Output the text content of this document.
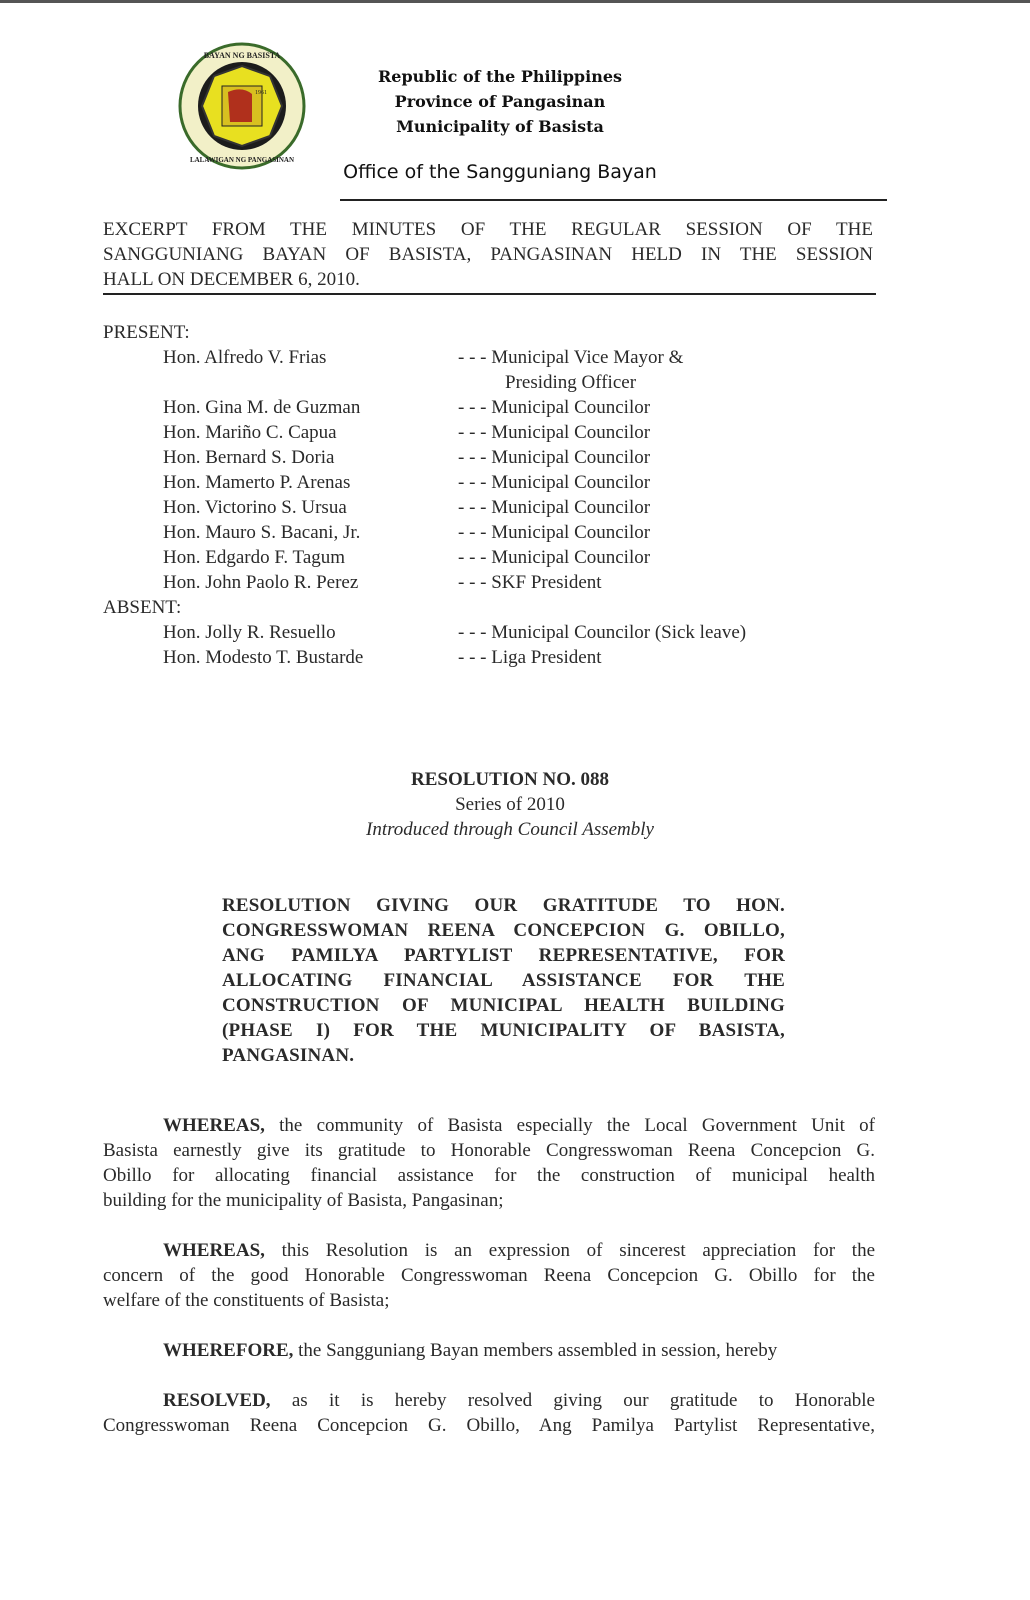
1961
BAYAN NG BASISTA
LALAWIGAN NG PANGASINAN
Republic of the Philippines
Province of Pangasinan
Municipality of Basista
Office of the Sangguniang Bayan
EXCERPT FROM THE MINUTES OF THE REGULAR SESSION OF THE
SANGGUNIANG BAYAN OF BASISTA, PANGASINAN HELD IN THE SESSION
HALL ON DECEMBER 6, 2010.
PRESENT:
Hon. Alfredo V. Frias	- - - Municipal Vice Mayor &
Presiding Officer
Hon. Gina M. de Guzman	- - - Municipal Councilor
Hon. Mariño C. Capua	- - - Municipal Councilor
Hon. Bernard S. Doria	- - - Municipal Councilor
Hon. Mamerto P. Arenas	- - - Municipal Councilor
Hon. Victorino S. Ursua	- - - Municipal Councilor
Hon. Mauro S. Bacani, Jr.	- - - Municipal Councilor
Hon. Edgardo F. Tagum	- - - Municipal Councilor
Hon. John Paolo R. Perez	- - - SKF President
ABSENT:
Hon. Jolly R. Resuello	- - - Municipal Councilor (Sick leave)
Hon. Modesto T. Bustarde	- - - Liga President
RESOLUTION NO. 088
Series of 2010
Introduced through Council Assembly
RESOLUTION GIVING OUR GRATITUDE TO HON.
CONGRESSWOMAN REENA CONCEPCION G. OBILLO,
ANG PAMILYA PARTYLIST REPRESENTATIVE, FOR
ALLOCATING FINANCIAL ASSISTANCE FOR THE
CONSTRUCTION OF MUNICIPAL HEALTH BUILDING
(PHASE I) FOR THE MUNICIPALITY OF BASISTA,
PANGASINAN.
WHEREAS, the community of Basista especially the Local Government Unit of
Basista earnestly give its gratitude to Honorable Congresswoman Reena Concepcion G.
Obillo for allocating financial assistance for the construction of municipal health
building for the municipality of Basista, Pangasinan;
WHEREAS, this Resolution is an expression of sincerest appreciation for the
concern of the good Honorable Congresswoman Reena Concepcion G. Obillo for the
welfare of the constituents of Basista;
WHEREFORE, the Sangguniang Bayan members assembled in session, hereby
RESOLVED, as it is hereby resolved giving our gratitude to Honorable
Congresswoman Reena Concepcion G. Obillo, Ang Pamilya Partylist Representative,
